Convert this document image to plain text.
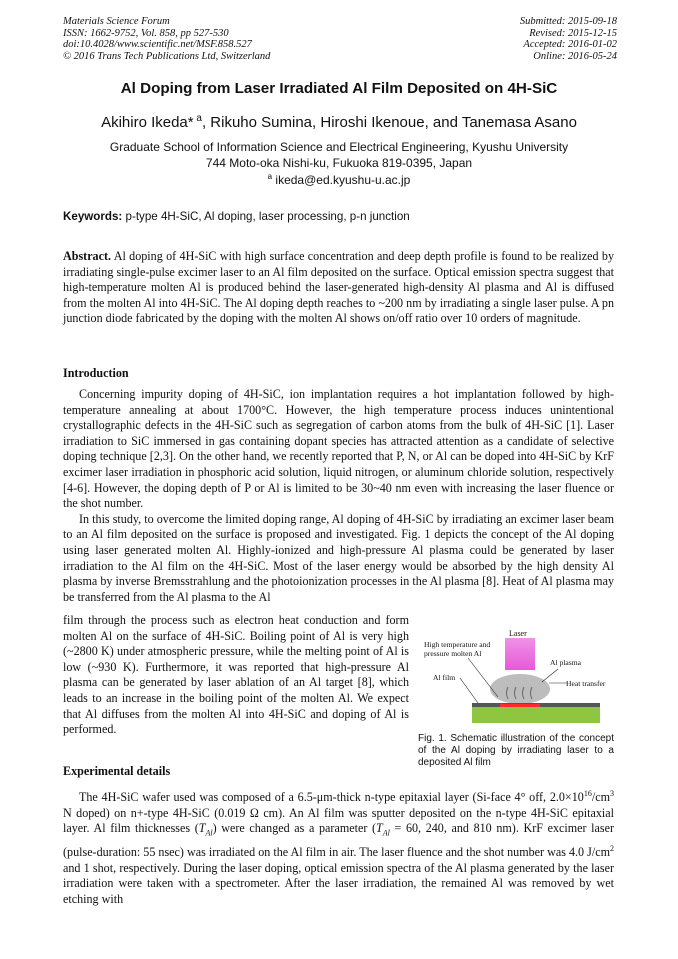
Materials Science Forum
ISSN: 1662-9752, Vol. 858, pp 527-530
doi:10.4028/www.scientific.net/MSF.858.527
© 2016 Trans Tech Publications Ltd, Switzerland
Submitted: 2015-09-18
Revised: 2015-12-15
Accepted: 2016-01-02
Online: 2016-05-24
Al Doping from Laser Irradiated Al Film Deposited on 4H-SiC
Akihiro Ikeda* $^a$, Rikuho Sumina, Hiroshi Ikenoue, and Tanemasa Asano
Graduate School of Information Science and Electrical Engineering, Kyushu University
744 Moto-oka Nishi-ku, Fukuoka 819-0395, Japan
$^a$ ikeda@ed.kyushu-u.ac.jp
Keywords: p-type 4H-SiC, Al doping, laser processing, p-n junction

Abstract. Al doping of 4H-SiC with high surface concentration and deep depth profile is found to be realized by irradiating single-pulse excimer laser to an Al film deposited on the surface. Optical emission spectra suggest that high-temperature molten Al is produced behind the laser-generated high-density Al plasma and Al is diffused from the molten Al into 4H-SiC. The Al doping depth reaches to ~200 nm by irradiating a single laser pulse. A pn junction diode fabricated by the doping with the molten Al shows on/off ratio over 10 orders of magnitude.

Introduction

Concerning impurity doping of 4H-SiC, ion implantation requires a hot implantation followed by high-temperature annealing at about 1700°C. However, the high temperature process induces unintentional crystallographic defects in the 4H-SiC such as segregation of carbon atoms from the bulk of 4H-SiC [1]. Laser irradiation to SiC immersed in gas containing dopant species has attracted attention as a candidate of selective doping technique [2,3]. On the other hand, we recently reported that P, N, or Al can be doped into 4H-SiC by KrF excimer laser irradiation in phosphoric acid solution, liquid nitrogen, or aluminum chloride solution, respectively [4-6]. However, the doping depth of P or Al is limited to be 30~40 nm even with increasing the laser fluence or the shot number.

In this study, to overcome the limited doping range, Al doping of 4H-SiC by irradiating an excimer laser beam to an Al film deposited on the surface is proposed and investigated. Fig. 1 depicts the concept of the Al doping using laser generated molten Al. Highly-ionized and high-pressure Al plasma could be generated by laser irradiation to the Al film on the 4H-SiC. Most of the laser energy would be absorbed by the high density Al plasma by inverse Bremsstrahlung and the photoionization processes in the Al plasma [8]. Heat of Al plasma may be transferred from the Al plasma to the Al

film through the process such as electron heat conduction and form molten Al on the surface of 4H-SiC. Boiling point of Al is very high (~2800 K) under atmospheric pressure, while the melting point of Al is low (~930 K). Furthermore, it was reported that high-pressure Al plasma can be generated by laser ablation of an Al target [8], which leads to an increase in the boiling point of the molten Al. We expect that Al diffuses from the molten Al into 4H-SiC and doping of Al is performed.

Laser
High temperature and
pressure molten Al
Al plasma
Al film
Heat transfer
Fig. 1. Schematic illustration of the concept of the Al doping by irradiating laser to a deposited Al film
Experimental details

The 4H-SiC wafer used was composed of a 6.5-μm-thick n-type epitaxial layer (Si-face 4° off, $2.0\times 10^{16}/cm^3$ N doped) on n+-type 4H-SiC (0.019 Ω cm). An Al film was sputter deposited on the n-type 4H-SiC epitaxial layer. Al film thicknesses $(T_{Al})$ were changed as a parameter ($T_{Al} = 60$, 240, and 810 nm). KrF excimer laser (pulse-duration: 55 nsec) was irradiated on the Al film in air. The laser fluence and the shot number was 4.0 $J/cm^2$ and 1 shot, respectively. During the laser doping, optical emission spectra of the Al plasma generated by the laser irradiation were taken with a spectrometer. After the laser irradiation, the remained Al was removed by wet etching with
